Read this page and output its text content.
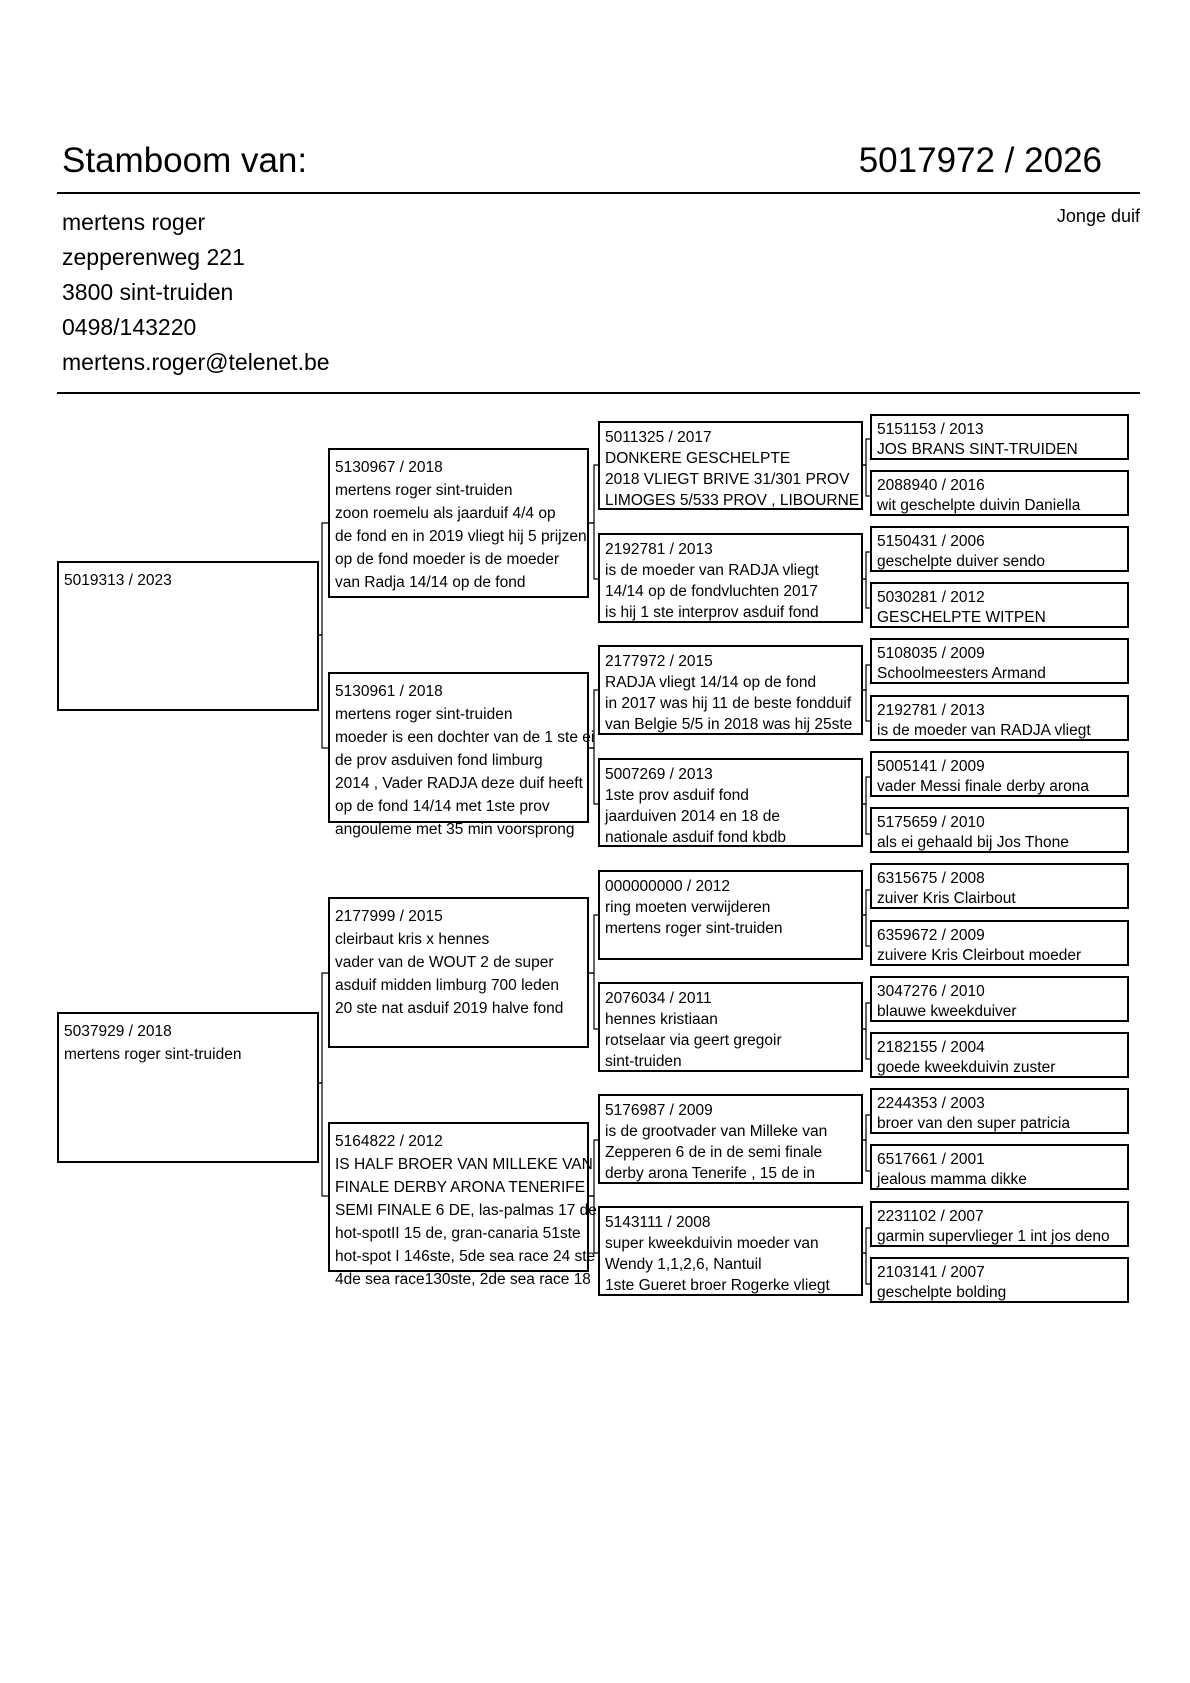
Stamboom van:	5017972 / 2026
mertens roger
zepperenweg 221
3800 sint-truiden
0498/143220
mertens.roger@telenet.be
Jonge duif
5019313 / 2023
5037929 / 2018
mertens roger sint-truiden
5130967 / 2018
mertens roger sint-truiden
zoon roemelu als jaarduif 4/4 op
de fond en in 2019 vliegt hij 5 prijzen
op de fond moeder is de moeder
van Radja 14/14 op de fond
5130961 / 2018
mertens roger sint-truiden
moeder is een dochter van de 1 ste ei
de prov asduiven fond limburg
2014 , Vader RADJA deze duif heeft
op de fond 14/14 met 1ste prov
angouleme met 35 min voorsprong
2177999 / 2015
cleirbaut kris x hennes
vader van de WOUT 2 de super
asduif midden limburg 700 leden
20 ste nat asduif 2019 halve fond
5164822 / 2012
IS HALF BROER VAN MILLEKE VAN
FINALE DERBY ARONA TENERIFE
SEMI FINALE 6 DE, las-palmas 17 de
hot-spotII 15 de, gran-canaria 51ste
hot-spot I 146ste, 5de sea race 24 ste
4de sea race130ste, 2de sea race 18
5011325 / 2017
DONKERE GESCHELPTE
2018 VLIEGT BRIVE 31/301 PROV
LIMOGES 5/533 PROV , LIBOURNE
2192781 / 2013
is de moeder van RADJA vliegt
14/14 op de fondvluchten 2017
is hij 1 ste interprov asduif fond
2177972 / 2015
RADJA vliegt 14/14 op de fond
in 2017 was hij 11 de beste fondduif
van Belgie 5/5 in 2018 was hij 25ste
5007269 / 2013
1ste prov asduif fond
jaarduiven 2014 en 18 de
nationale asduif fond kbdb
000000000 / 2012
ring moeten verwijderen
mertens roger sint-truiden
2076034 / 2011
hennes kristiaan
rotselaar via geert gregoir
sint-truiden
5176987 / 2009
is de grootvader van Milleke van
Zepperen 6 de in de semi finale
derby arona Tenerife , 15 de in
5143111 / 2008
super kweekduivin moeder van
Wendy 1,1,2,6, Nantuil
1ste Gueret broer Rogerke vliegt
5151153 / 2013
JOS BRANS SINT-TRUIDEN
2088940 / 2016
wit geschelpte duivin Daniella
5150431 / 2006
geschelpte duiver sendo
5030281 / 2012
GESCHELPTE WITPEN
5108035 / 2009
Schoolmeesters Armand
2192781 / 2013
is de moeder van RADJA vliegt
5005141 / 2009
vader Messi finale derby arona
5175659 / 2010
als ei gehaald bij Jos Thone
6315675 / 2008
zuiver Kris Clairbout
6359672 / 2009
zuivere Kris Cleirbout moeder
3047276 / 2010
blauwe kweekduiver
2182155 / 2004
goede kweekduivin zuster
2244353 / 2003
broer van den super patricia
6517661 / 2001
jealous mamma dikke
2231102 / 2007
garmin supervlieger 1 int jos deno
2103141 / 2007
geschelpte bolding
